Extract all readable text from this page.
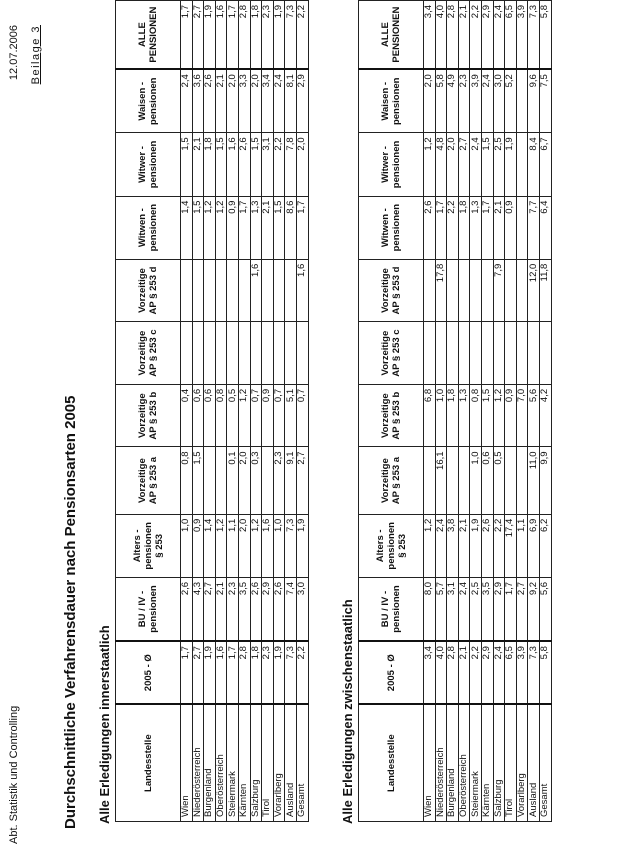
Abt. Statistik und Controlling
12.07.2006 Beilage 3
Durchschnittliche Verfahrensdauer nach Pensionsarten 2005 Alle Erledigungen innerstaatlich	Landesstelle	2005 - Ø	BU / IV - pensionen	Alters - pensionen § 253	Vorzeitige AP § 253 a	Vorzeitige AP § 253 b	Vorzeitige AP § 253 c	Vorzeitige AP § 253 d	Witwen - pensionen	Witwer - pensionen	Waisen - pensionen	ALLE PENSIONEN
Wien	1,7	2,6	1,0	0,8	0,4			1,4	1,5	2,4	1,7
Niederösterreich	2,7	4,3	0,9	1,5	0,6			1,5	2,1	3,6	2,7
Burgenland	1,9	2,7	1,4		0,6			1,2	1,8	2,6	1,9
Oberösterreich	1,6	2,1	1,2		0,8			1,2	1,5	2,1	1,6
Steiermark	1,7	2,3	1,1	0,1	0,5			0,9	1,6	2,0	1,7
Kärnten	2,8	3,5	2,0	2,0	1,2			1,7	2,6	3,3	2,8
Salzburg	1,8	2,6	1,2	0,3	0,7		1,6	1,3	1,5	2,0	1,8
Tirol	2,3	2,9	1,6		0,9			2,1	3,1	3,4	2,3
Vorarlberg	1,9	2,6	1,0	2,3	0,7			1,5	2,2	2,4	1,9
Ausland	7,3	7,4	7,3	9,1	5,1			8,6	7,8	8,1	7,3
Gesamt	2,2	3,0	1,9	2,7	0,7		1,6	1,7	2,0	2,9	2,2
Alle Erledigungen zwischenstaatlich	Landesstelle	2005 - Ø	BU / IV - pensionen	Alters - pensionen § 253	Vorzeitige AP § 253 a	Vorzeitige AP § 253 b	Vorzeitige AP § 253 c	Vorzeitige AP § 253 d	Witwen - pensionen	Witwer - pensionen	Waisen - pensionen	ALLE PENSIONEN
Wien	3,4	8,0	1,2		6,8			2,6	1,2	2,0	3,4
Niederösterreich	4,0	5,7	2,4	16,1	1,0		17,8	1,7	4,8	5,8	4,0
Burgenland	2,8	3,1	3,8		1,8			2,2	2,0	4,9	2,8
Oberösterreich	2,1	2,4	2,1		1,3			1,8	2,7	2,3	2,1
Steiermark	2,2	2,5	1,9	1,0	0,8			1,3	2,4	3,9	2,2
Kärnten	2,9	3,5	2,6	0,6	1,5			1,7	1,5	2,4	2,9
Salzburg	2,4	2,9	2,2	0,5	1,2		7,9	2,1	2,5	3,0	2,4
Tirol	6,5	1,7	17,4		0,9			0,9	1,9	5,2	6,5
Vorarlberg	3,9	2,7	1,1		7,0						3,9
Ausland	7,3	9,2	6,9	11,0	5,6		12,0	7,7	8,4	9,6	7,3
Gesamt	5,8	5,6	6,2	9,9	4,2		11,8	6,4	6,7	7,5	5,8
